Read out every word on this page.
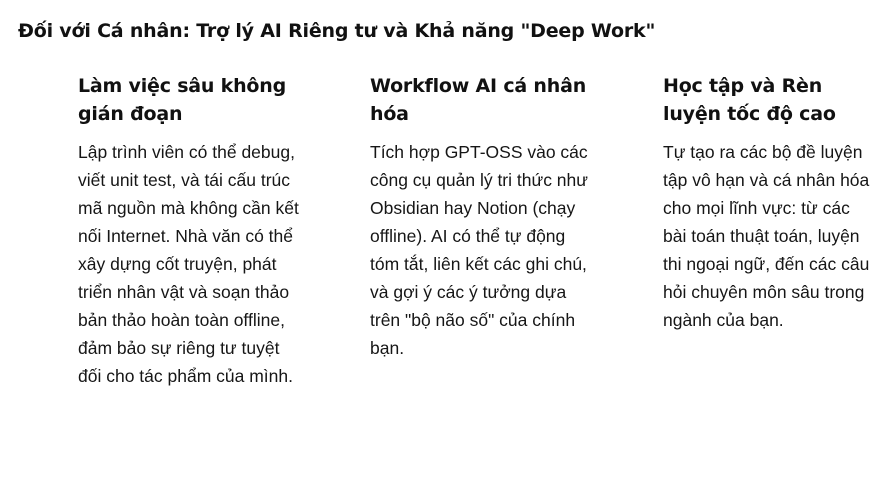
Đối với Cá nhân: Trợ lý AI Riêng tư và Khả năng "Deep Work"
Làm việc sâu không gián đoạn

Lập trình viên có thể debug, viết unit test, và tái cấu trúc mã nguồn mà không cần kết nối Internet. Nhà văn có thể xây dựng cốt truyện, phát triển nhân vật và soạn thảo bản thảo hoàn toàn offline, đảm bảo sự riêng tư tuyệt đối cho tác phẩm của mình.

Workflow AI cá nhân hóa

Tích hợp GPT-OSS vào các công cụ quản lý tri thức như Obsidian hay Notion (chạy offline). AI có thể tự động tóm tắt, liên kết các ghi chú, và gợi ý các ý tưởng dựa trên "bộ não số" của chính bạn.

Học tập và Rèn luyện tốc độ cao

Tự tạo ra các bộ đề luyện tập vô hạn và cá nhân hóa cho mọi lĩnh vực: từ các bài toán thuật toán, luyện thi ngoại ngữ, đến các câu hỏi chuyên môn sâu trong ngành của bạn.
